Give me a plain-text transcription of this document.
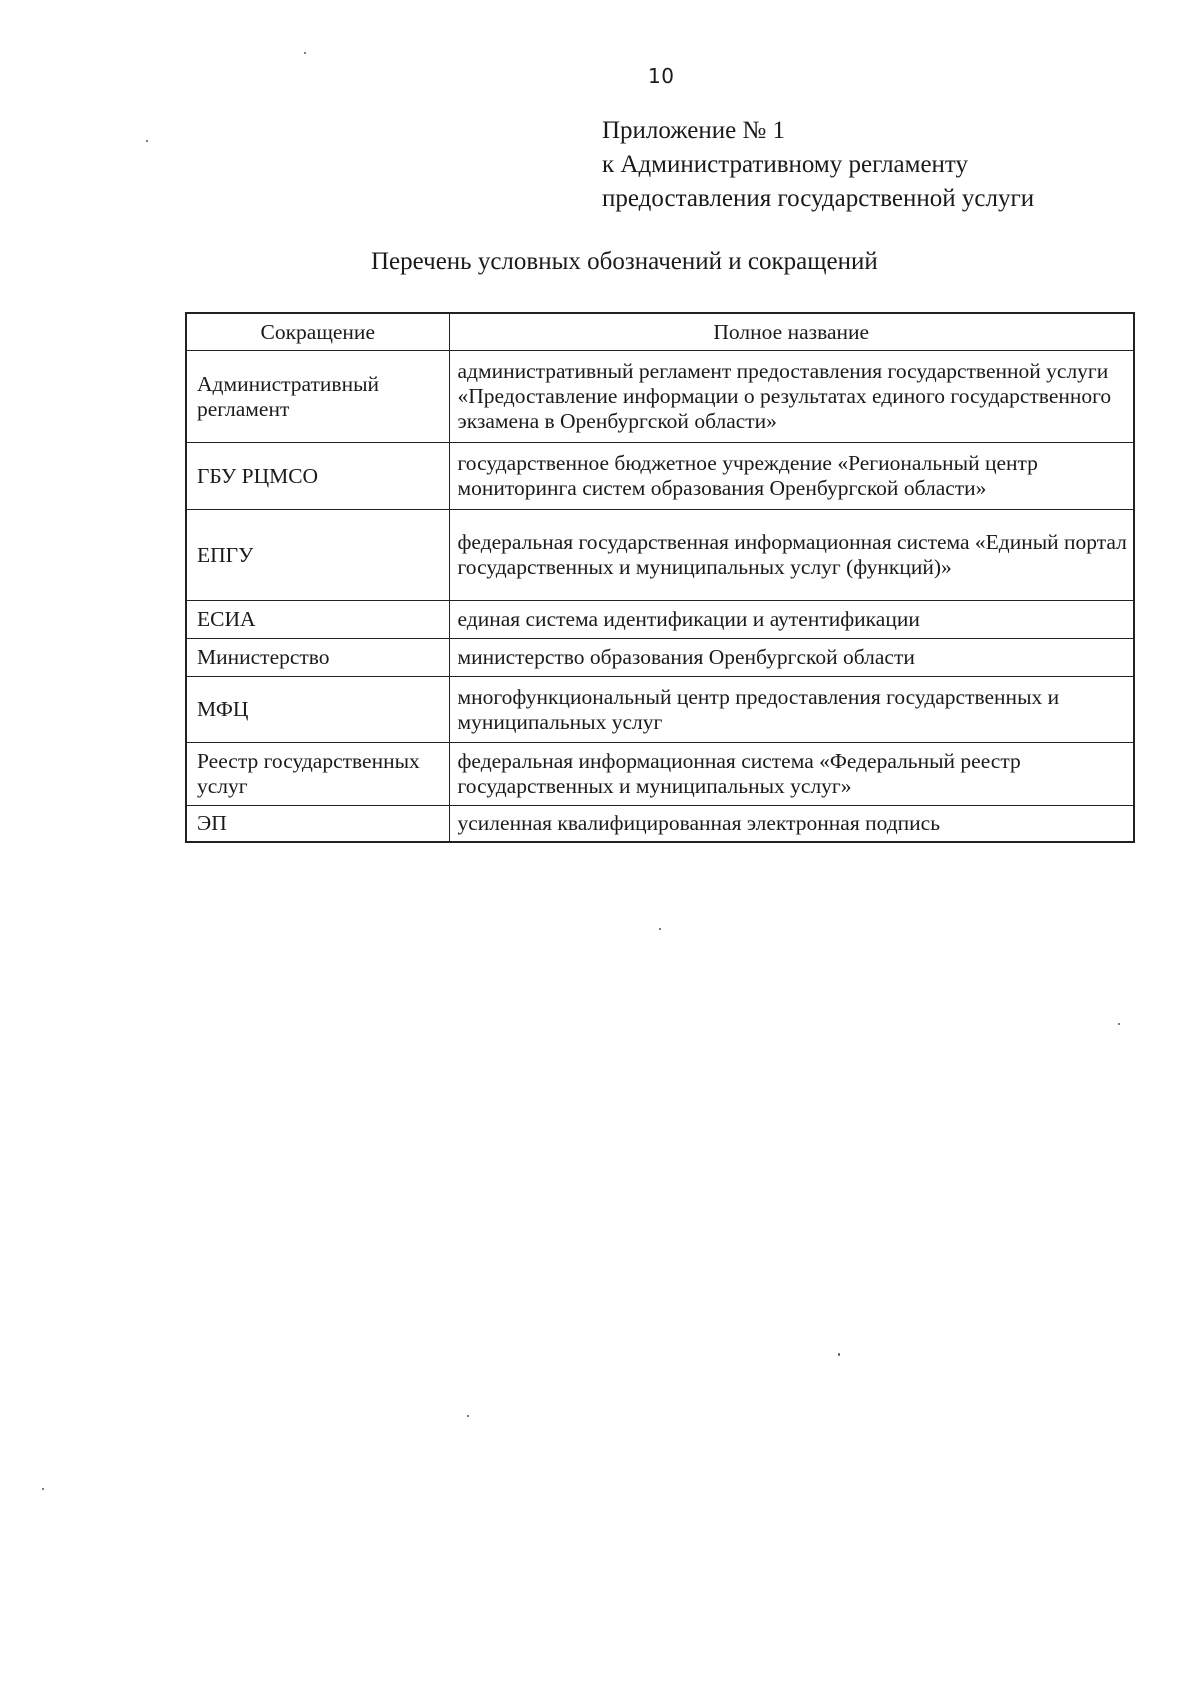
10
Приложение № 1
к Административному регламенту
предоставления государственной услуги
Перечень условных обозначений и сокращений
Сокращение	Полное название
Административный регламент	административный регламент предоставления государственной услуги «Предоставление информации о результатах единого государственного экзамена в Оренбургской области»
ГБУ РЦМСО	государственное бюджетное учреждение «Региональный центр мониторинга систем образования Оренбургской области»
ЕПГУ	федеральная государственная информационная система «Единый портал государственных и муниципальных услуг (функций)»
ЕСИА	единая система идентификации и аутентификации
Министерство	министерство образования Оренбургской области
МФЦ	многофункциональный центр предоставления государственных и муниципальных услуг
Реестр государственных услуг	федеральная информационная система «Федеральный реестр государственных и муниципальных услуг»
ЭП	усиленная квалифицированная электронная подпись
